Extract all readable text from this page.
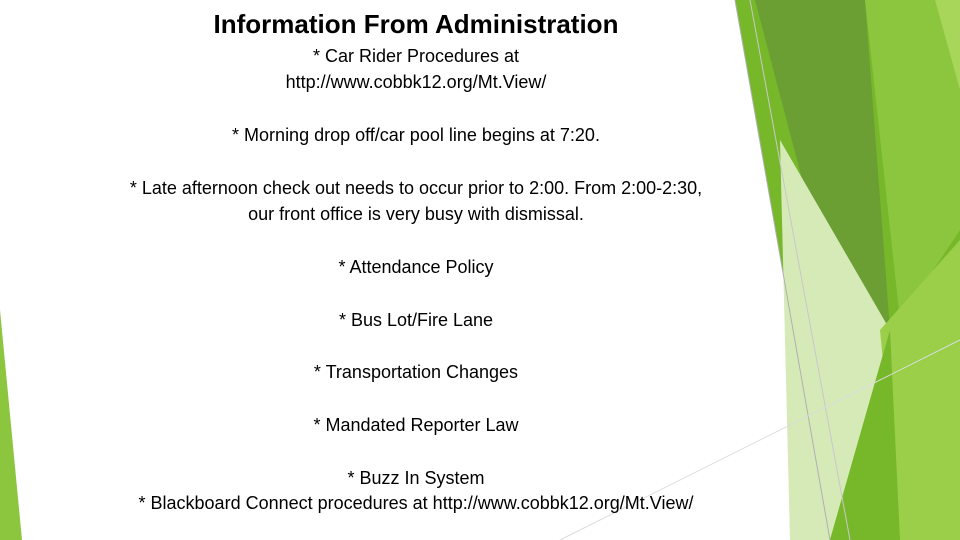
Information From Administration
* Car Rider Procedures at
http://www.cobbk12.org/Mt.View/
* Morning drop off/car pool line begins at 7:20.
* Late afternoon check out needs to occur prior to 2:00. From 2:00-2:30,
our front office is very busy with dismissal.
* Attendance Policy
* Bus Lot/Fire Lane
* Transportation Changes
* Mandated Reporter Law
* Buzz In System
* Blackboard Connect procedures at http://www.cobbk12.org/Mt.View/
ssal.
